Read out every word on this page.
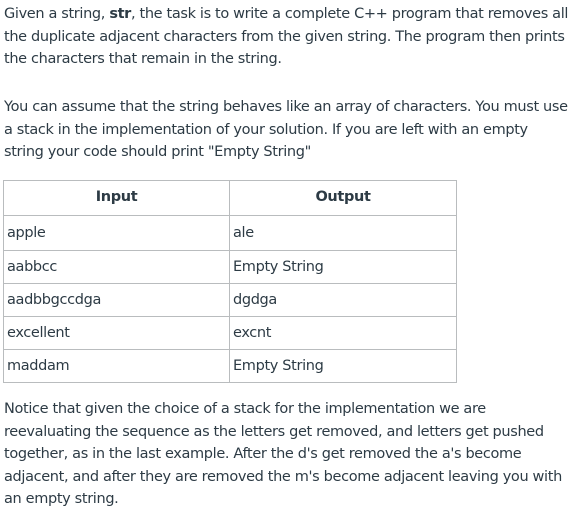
Given a string, str, the task is to write a complete C++ program that removes all the duplicate adjacent characters from the given string. The program then prints the characters that remain in the string.

You can assume that the string behaves like an array of characters. You must use a stack in the implementation of your solution. If you are left with an empty string your code should print "Empty String"

Input	Output
apple	ale
aabbcc	Empty String
aadbbgccdga	dgdga
excellent	excnt
maddam	Empty String

Notice that given the choice of a stack for the implementation we are reevaluating the sequence as the letters get removed, and letters get pushed together, as in the last example. After the d's get removed the a's become adjacent, and after they are removed the m's become adjacent leaving you with an empty string.
